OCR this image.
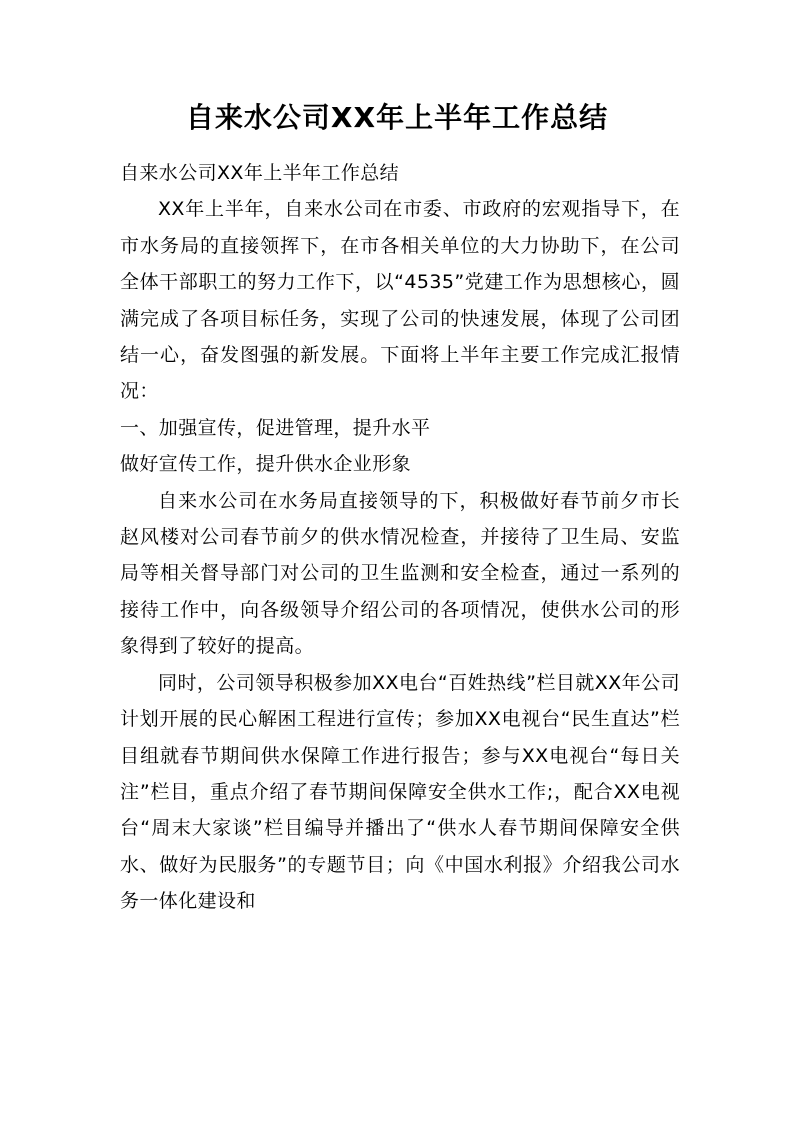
自来水公司XX年上半年工作总结

自来水公司XX年上半年工作总结

XX年上半年，自来水公司在市委、市政府的宏观指导下，在市水务局的直接领挥下，在市各相关单位的大力协助下，在公司全体干部职工的努力工作下，以“4535”党建工作为思想核心，圆满完成了各项目标任务，实现了公司的快速发展，体现了公司团结一心，奋发图强的新发展。下面将上半年主要工作完成汇报情况：

一、加强宣传，促进管理，提升水平

做好宣传工作，提升供水企业形象

自来水公司在水务局直接领导的下，积极做好春节前夕市长赵风楼对公司春节前夕的供水情况检查，并接待了卫生局、安监局等相关督导部门对公司的卫生监测和安全检查，通过一系列的接待工作中，向各级领导介绍公司的各项情况，使供水公司的形象得到了较好的提高。

同时，公司领导积极参加XX电台“百姓热线”栏目就XX年公司计划开展的民心解困工程进行宣传；参加XX电视台“民生直达”栏目组就春节期间供水保障工作进行报告；参与XX电视台“每日关注”栏目，重点介绍了春节期间保障安全供水工作;，配合XX电视台“周末大家谈”栏目编导并播出了“供水人春节期间保障安全供水、做好为民服务”的专题节目；向《中国水利报》介绍我公司水务一体化建设和
